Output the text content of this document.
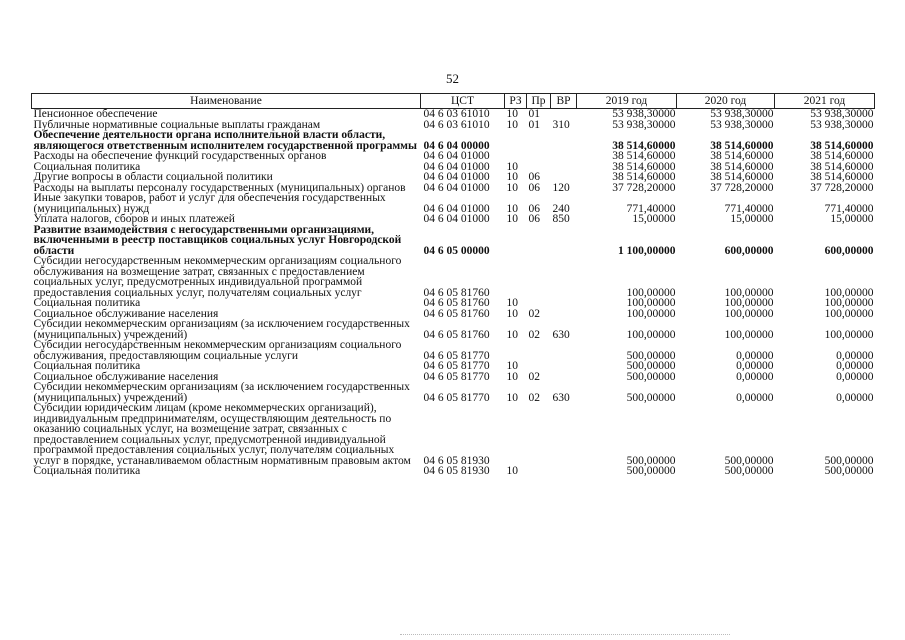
52
Наименование	ЦСТ	РЗ	Пр	ВР	2019 год	2020 год	2021 год
Пенсионное обеспечение	04 6 03 61010	10	01		53 938,30000	53 938,30000	53 938,30000
Публичные нормативные социальные выплаты гражданам	04 6 03 61010	10	01	310	53 938,30000	53 938,30000	53 938,30000
Обеспечение деятельности органа исполнительной власти области, являющегося ответственным исполнителем государственной программы	04 6 04 00000				38 514,60000	38 514,60000	38 514,60000
Расходы на обеспечение функций государственных органов	04 6 04 01000				38 514,60000	38 514,60000	38 514,60000
Социальная политика	04 6 04 01000	10			38 514,60000	38 514,60000	38 514,60000
Другие вопросы в области социальной политики	04 6 04 01000	10	06		38 514,60000	38 514,60000	38 514,60000
Расходы на выплаты персоналу государственных (муниципальных) органов	04 6 04 01000	10	06	120	37 728,20000	37 728,20000	37 728,20000
Иные закупки товаров, работ и услуг для обеспечения государственных (муниципальных) нужд	04 6 04 01000	10	06	240	771,40000	771,40000	771,40000
Уплата налогов, сборов и иных платежей	04 6 04 01000	10	06	850	15,00000	15,00000	15,00000
Развитие взаимодействия с негосударственными организациями, включенными в реестр поставщиков социальных услуг Новгородской области	04 6 05 00000				1 100,00000	600,00000	600,00000
Субсидии негосударственным некоммерческим организациям социального обслуживания на возмещение затрат, связанных с предоставлением социальных услуг, предусмотренных индивидуальной программой предоставления социальных услуг, получателям социальных услуг	04 6 05 81760				100,00000	100,00000	100,00000
Социальная политика	04 6 05 81760	10			100,00000	100,00000	100,00000
Социальное обслуживание населения	04 6 05 81760	10	02		100,00000	100,00000	100,00000
Субсидии некоммерческим организациям (за исключением государственных (муниципальных) учреждений)	04 6 05 81760	10	02	630	100,00000	100,00000	100,00000
Субсидии негосударственным некоммерческим организациям социального обслуживания, предоставляющим социальные услуги	04 6 05 81770				500,00000	0,00000	0,00000
Социальная политика	04 6 05 81770	10			500,00000	0,00000	0,00000
Социальное обслуживание населения	04 6 05 81770	10	02		500,00000	0,00000	0,00000
Субсидии некоммерческим организациям (за исключением государственных (муниципальных) учреждений)	04 6 05 81770	10	02	630	500,00000	0,00000	0,00000
Субсидии юридическим лицам (кроме некоммерческих организаций), индивидуальным предпринимателям, осуществляющим деятельность по оказанию социальных услуг, на возмещение затрат, связанных с предоставлением социальных услуг, предусмотренной индивидуальной программой предоставления социальных услуг, получателям социальных услуг в порядке, устанавливаемом областным нормативным правовым актом	04 6 05 81930				500,00000	500,00000	500,00000
Социальная политика	04 6 05 81930	10			500,00000	500,00000	500,00000
